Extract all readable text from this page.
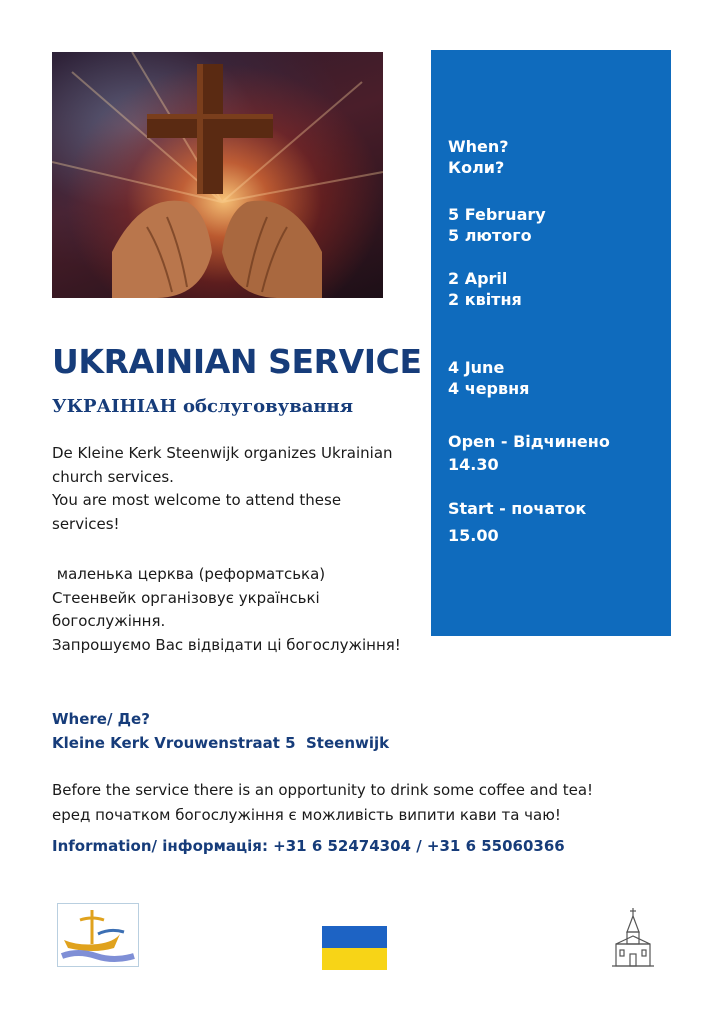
When?
Коли?
5 February
5 лютого
2 April
2 квітня
4 June
4 червня
Open - Відчинено
14.30
Start - початок
15.00
UKRAINIAN SERVICE
УКРАІНІАН обслуговування
De Kleine Kerk Steenwijk organizes Ukrainian
church services.
You are most welcome to attend these
services!
маленька церква (реформатська)
Стеенвейк організовує українські
богослужіння.
Запрошуємо Вас відвідати ці богослужіння!
Where/ Де?
Kleine Kerk Vrouwenstraat 5  Steenwijk
Before the service there is an opportunity to drink some coffee and tea!
еред початком богослужіння є можливість випити кави та чаю!
Information/ інформація: +31 6 52474304 / +31 6 55060366
